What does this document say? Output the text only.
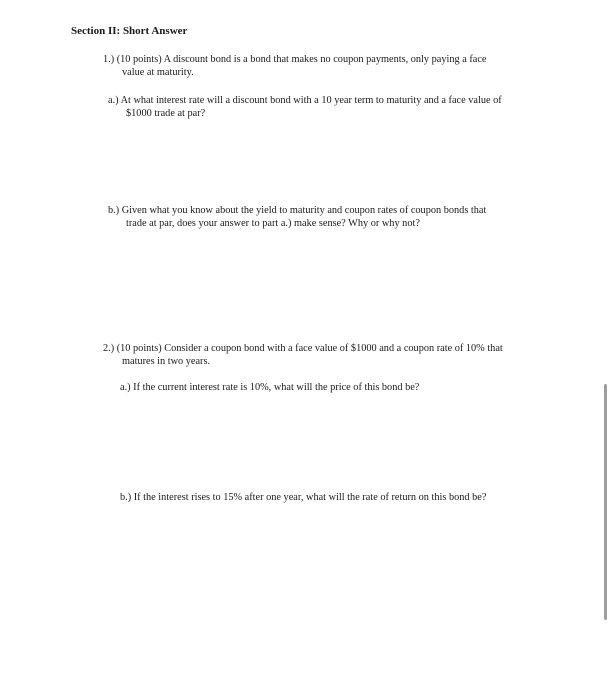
Section II: Short Answer

1.) (10 points) A discount bond is a bond that makes no coupon payments, only paying a face

value at maturity.

a.) At what interest rate will a discount bond with a 10 year term to maturity and a face value of

$1000 trade at par?

b.) Given what you know about the yield to maturity and coupon rates of coupon bonds that

trade at par, does your answer to part a.) make sense? Why or why not?

2.) (10 points) Consider a coupon bond with a face value of $1000 and a coupon rate of 10% that

matures in two years.

a.) If the current interest rate is 10%, what will the price of this bond be?

b.) If the interest rises to 15% after one year, what will the rate of return on this bond be?
